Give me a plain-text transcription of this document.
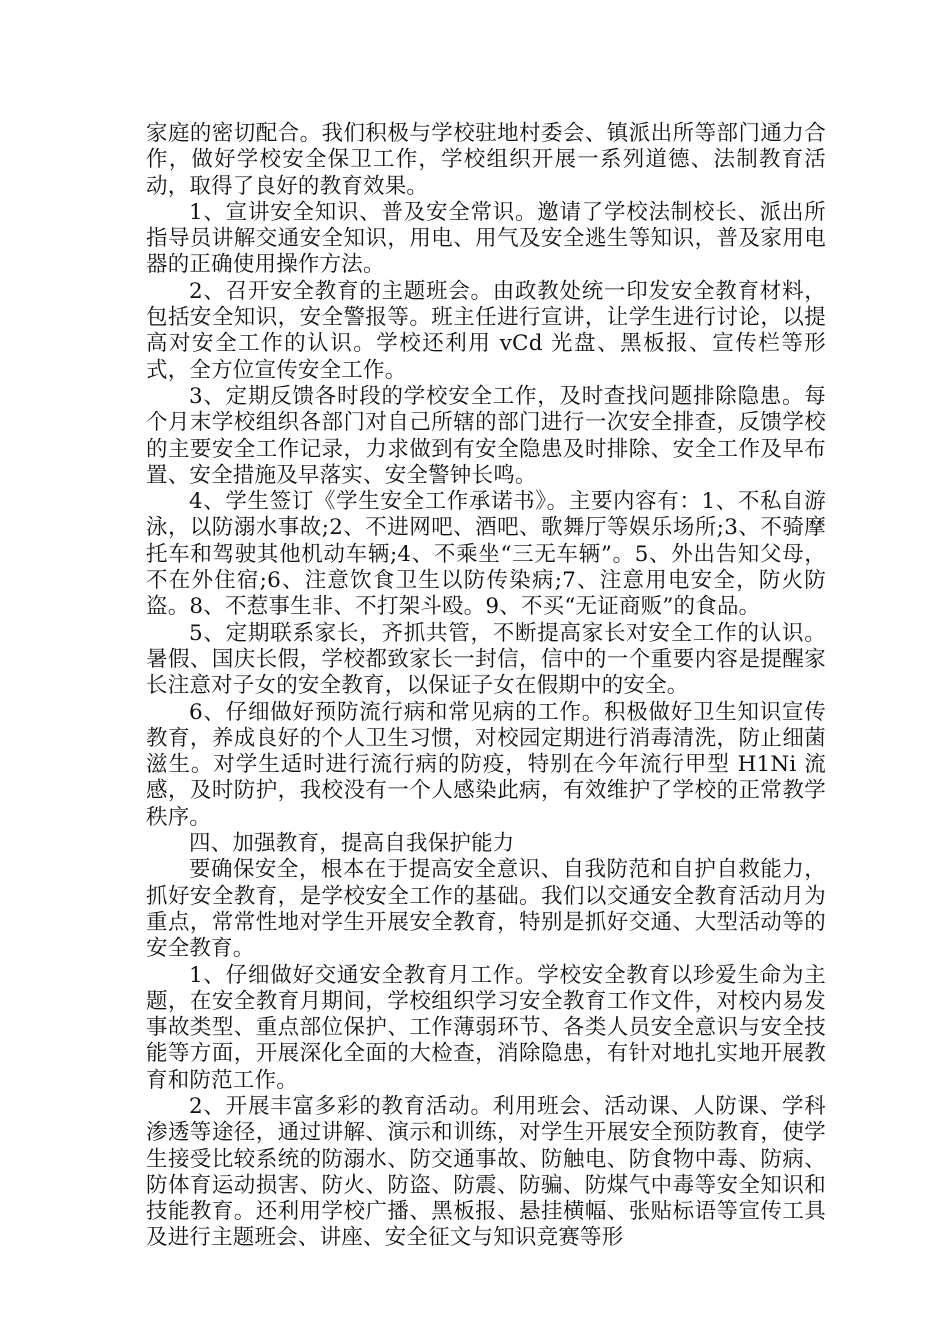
家庭的密切配合。我们积极与学校驻地村委会、镇派出所等部门通力合作，做好学校安全保卫工作，学校组织开展一系列道德、法制教育活动，取得了良好的教育效果。

1、宣讲安全知识、普及安全常识。邀请了学校法制校长、派出所指导员讲解交通安全知识，用电、用气及安全逃生等知识，普及家用电器的正确使用操作方法。

2、召开安全教育的主题班会。由政教处统一印发安全教育材料，包括安全知识，安全警报等。班主任进行宣讲，让学生进行讨论，以提高对安全工作的认识。学校还利用 vCd 光盘、黑板报、宣传栏等形式，全方位宣传安全工作。

3、定期反馈各时段的学校安全工作，及时查找问题排除隐患。每个月末学校组织各部门对自己所辖的部门进行一次安全排查，反馈学校的主要安全工作记录，力求做到有安全隐患及时排除、安全工作及早布置、安全措施及早落实、安全警钟长鸣。

4、学生签订《学生安全工作承诺书》。主要内容有：1、不私自游泳，以防溺水事故;2、不进网吧、酒吧、歌舞厅等娱乐场所;3、不骑摩托车和驾驶其他机动车辆;4、不乘坐“三无车辆”。5、外出告知父母，不在外住宿;6、注意饮食卫生以防传染病;7、注意用电安全，防火防盗。8、不惹事生非、不打架斗殴。9、不买“无证商贩”的食品。

5、定期联系家长，齐抓共管，不断提高家长对安全工作的认识。暑假、国庆长假，学校都致家长一封信，信中的一个重要内容是提醒家长注意对子女的安全教育，以保证子女在假期中的安全。

6、仔细做好预防流行病和常见病的工作。积极做好卫生知识宣传教育，养成良好的个人卫生习惯，对校园定期进行消毒清洗，防止细菌滋生。对学生适时进行流行病的防疫，特别在今年流行甲型 H1Ni 流感，及时防护，我校没有一个人感染此病，有效维护了学校的正常教学秩序。

四、加强教育，提高自我保护能力

要确保安全，根本在于提高安全意识、自我防范和自护自救能力，抓好安全教育，是学校安全工作的基础。我们以交通安全教育活动月为重点，常常性地对学生开展安全教育，特别是抓好交通、大型活动等的安全教育。

1、仔细做好交通安全教育月工作。学校安全教育以珍爱生命为主题，在安全教育月期间，学校组织学习安全教育工作文件，对校内易发事故类型、重点部位保护、工作薄弱环节、各类人员安全意识与安全技能等方面，开展深化全面的大检查，消除隐患，有针对地扎实地开展教育和防范工作。

2、开展丰富多彩的教育活动。利用班会、活动课、人防课、学科渗透等途径，通过讲解、演示和训练，对学生开展安全预防教育，使学生接受比较系统的防溺水、防交通事故、防触电、防食物中毒、防病、防体育运动损害、防火、防盗、防震、防骗、防煤气中毒等安全知识和技能教育。还利用学校广播、黑板报、悬挂横幅、张贴标语等宣传工具及进行主题班会、讲座、安全征文与知识竞赛等形
